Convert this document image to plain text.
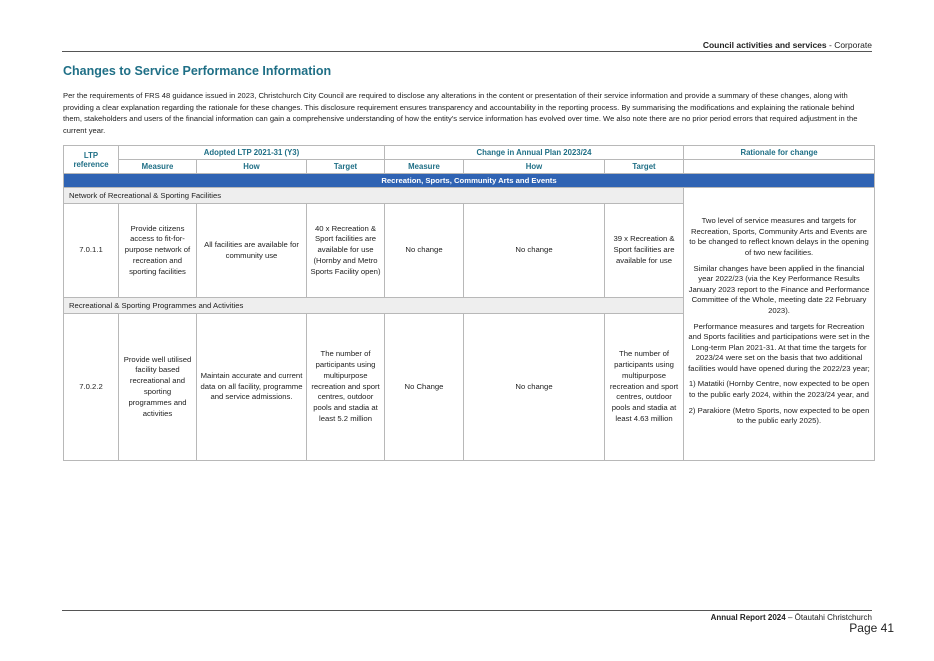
Council activities and services - Corporate
Changes to Service Performance Information
Per the requirements of FRS 48 guidance issued in 2023, Christchurch City Council are required to disclose any alterations in the content or presentation of their service information and provide a summary of these changes, along with providing a clear explanation regarding the rationale for these changes. This disclosure requirement ensures transparency and accountability in the reporting process. By summarising the modifications and explaining the rationale behind them, stakeholders and users of the financial information can gain a comprehensive understanding of how the entity's service information has evolved over time. We also note there are no prior period errors that required adjustment in the current year.
LTP reference	Adopted LTP 2021-31 (Y3)			Change in Annual Plan 2023/24			Rationale for change
	Measure	How	Target	Measure	How	Target	
Recreation, Sports, Community Arts and Events							
Network of Recreational & Sporting Facilities							Two level of service measures and targets for Recreation, Sports, Community Arts and Events are to be changed to reflect known delays in the opening of two new facilities.

Similar changes have been applied in the financial year 2022/23 (via the Key Performance Results January 2023 report to the Finance and Performance Committee of the Whole, meeting date 22 February 2023).

Performance measures and targets for Recreation and Sports facilities and participations were set in the Long-term Plan 2021-31. At that time the targets for 2023/24 were set on the basis that two additional facilities would have opened during the 2022/23 year;

1) Matatiki (Hornby Centre, now expected to be open to the public early 2024, within the 2023/24 year, and

2) Parakiore (Metro Sports, now expected to be open to the public early 2025).

7.0.1.1	Provide citizens access to fit-for-purpose network of recreation and sporting facilities	All facilities are available for community use	40 x Recreation & Sport facilities are available for use (Hornby and Metro Sports Facility open)	No change	No change	39 x Recreation & Sport facilities are available for use	
Recreational & Sporting Programmes and Activities							
7.0.2.2	Provide well utilised facility based recreational and sporting programmes and activities	Maintain accurate and current data on all facility, programme and service admissions.	The number of participants using multipurpose recreation and sport centres, outdoor pools and stadia at least 5.2 million	No Change	No change	The number of participants using multipurpose recreation and sport centres, outdoor pools and stadia at least 4.63 million	
Annual Report 2024 – Ōtautahi Christchurch
Page 41
